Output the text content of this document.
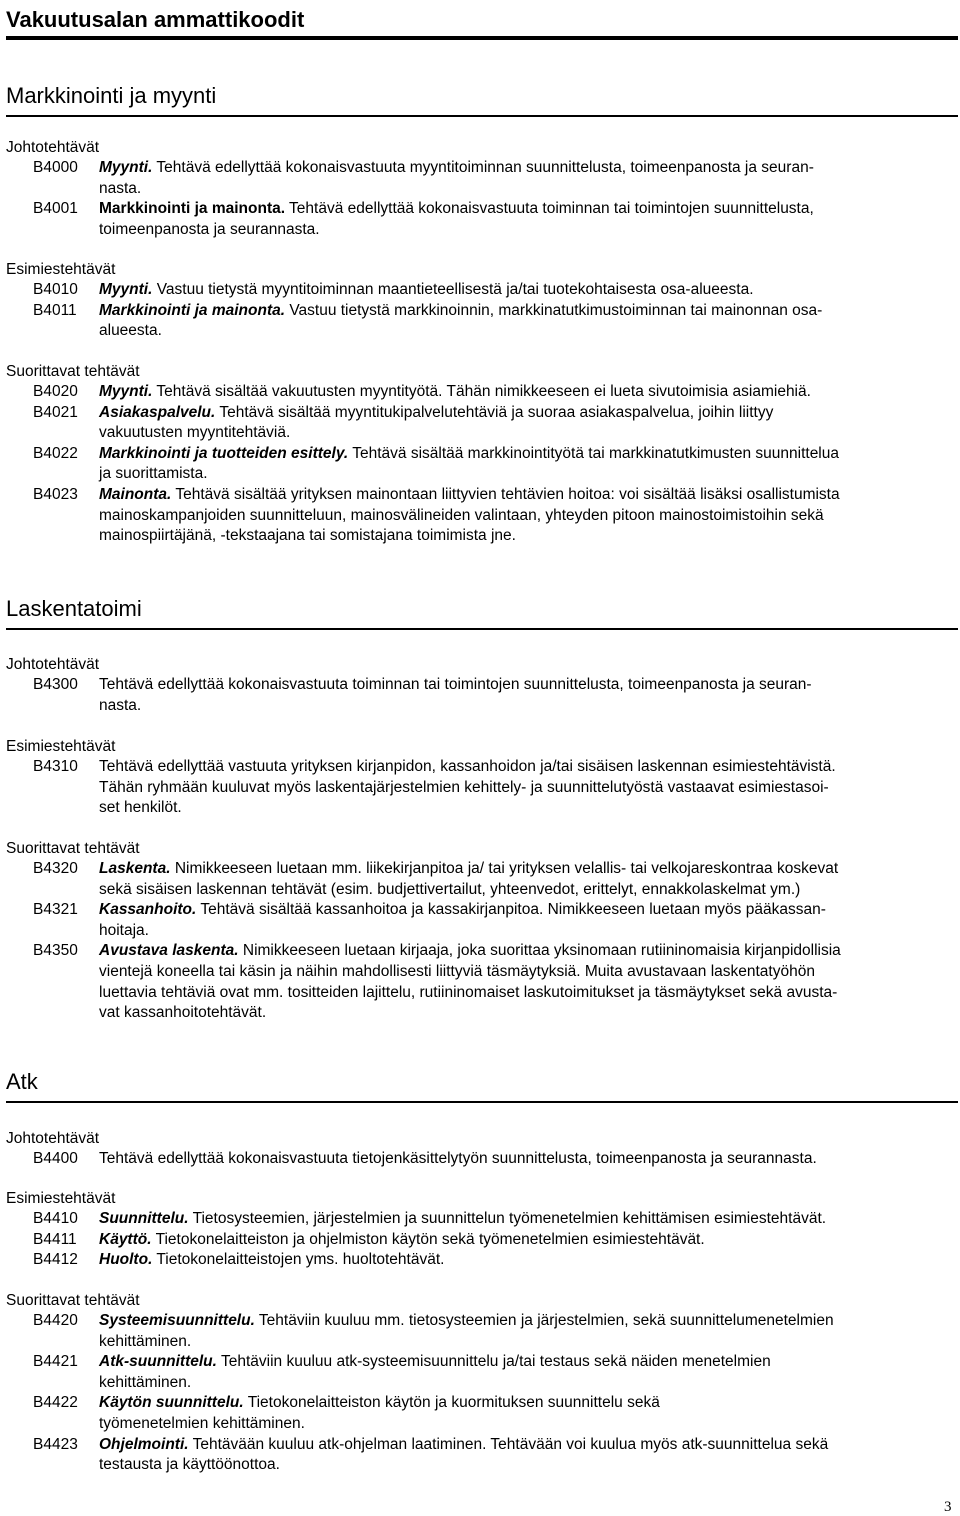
Vakuutusalan ammattikoodit
Markkinointi ja myynti
Johtotehtävät
B4000 Myynti. Tehtävä edellyttää kokonaisvastuuta myyntitoiminnan suunnittelusta, toimeenpanosta ja seuran-
nasta.
B4001 Markkinointi ja mainonta. Tehtävä edellyttää kokonaisvastuuta toiminnan tai toimintojen suunnittelusta,
toimeenpanosta ja seurannasta.
Esimiestehtävät
B4010 Myynti. Vastuu tietystä myyntitoiminnan maantieteellisestä ja/tai tuotekohtaisesta osa-alueesta.
B4011 Markkinointi ja mainonta. Vastuu tietystä markkinoinnin, markkinatutkimustoiminnan tai mainonnan osa-
alueesta.
Suorittavat tehtävät
B4020 Myynti. Tehtävä sisältää vakuutusten myyntityötä. Tähän nimikkeeseen ei lueta sivutoimisia asiamiehiä.
B4021 Asiakaspalvelu. Tehtävä sisältää myyntitukipalvelutehtäviä ja suoraa asiakaspalvelua, joihin liittyy
vakuutusten myyntitehtäviä.
B4022 Markkinointi ja tuotteiden esittely. Tehtävä sisältää markkinointityötä tai markkinatutkimusten suunnittelua
ja suorittamista.
B4023 Mainonta. Tehtävä sisältää yrityksen mainontaan liittyvien tehtävien hoitoa: voi sisältää lisäksi osallistumista
mainoskampanjoiden suunnitteluun, mainosvälineiden valintaan, yhteyden pitoon mainostoimistoihin sekä
mainospiirtäjänä, -tekstaajana tai somistajana toimimista jne.
Laskentatoimi
Johtotehtävät
B4300 Tehtävä edellyttää kokonaisvastuuta toiminnan tai toimintojen suunnittelusta, toimeenpanosta ja seuran-
nasta.
Esimiestehtävät
B4310 Tehtävä edellyttää vastuuta yrityksen kirjanpidon, kassanhoidon ja/tai sisäisen laskennan esimiestehtävistä.
Tähän ryhmään kuuluvat myös laskentajärjestelmien kehittely- ja suunnittelutyöstä vastaavat esimiestasoi-
set henkilöt.
Suorittavat tehtävät
B4320 Laskenta. Nimikkeeseen luetaan mm. liikekirjanpitoa ja/ tai yrityksen velallis- tai velkojareskontraa koskevat
sekä sisäisen laskennan tehtävät (esim. budjettivertailut, yhteenvedot, erittelyt, ennakkolaskelmat ym.)
B4321 Kassanhoito. Tehtävä sisältää kassanhoitoa ja kassakirjanpitoa. Nimikkeeseen luetaan myös pääkassan-
hoitaja.
B4350 Avustava laskenta. Nimikkeeseen luetaan kirjaaja, joka suorittaa yksinomaan rutiininomaisia kirjanpidollisia
vientejä koneella tai käsin ja näihin mahdollisesti liittyviä täsmäytyksiä. Muita avustavaan laskentatyöhön
luettavia tehtäviä ovat mm. tositteiden lajittelu, rutiininomaiset laskutoimitukset ja täsmäytykset sekä avusta-
vat kassanhoitotehtävät.
Atk
Johtotehtävät
B4400 Tehtävä edellyttää kokonaisvastuuta tietojenkäsittelytyön suunnittelusta, toimeenpanosta ja seurannasta.
Esimiestehtävät
B4410 Suunnittelu. Tietosysteemien, järjestelmien ja suunnittelun työmenetelmien kehittämisen esimiestehtävät.
B4411 Käyttö. Tietokonelaitteiston ja ohjelmiston käytön sekä työmenetelmien esimiestehtävät.
B4412 Huolto. Tietokonelaitteistojen yms. huoltotehtävät.
Suorittavat tehtävät
B4420 Systeemisuunnittelu. Tehtäviin kuuluu mm. tietosysteemien ja järjestelmien, sekä suunnittelumenetelmien
kehittäminen.
B4421 Atk-suunnittelu. Tehtäviin kuuluu atk-systeemisuunnittelu ja/tai testaus sekä näiden menetelmien
kehittäminen.
B4422 Käytön suunnittelu. Tietokonelaitteiston käytön ja kuormituksen suunnittelu sekä
työmenetelmien kehittäminen.
B4423 Ohjelmointi. Tehtävään kuuluu atk-ohjelman laatiminen. Tehtävään voi kuulua myös atk-suunnittelua sekä
testausta ja käyttöönottoa.
3
